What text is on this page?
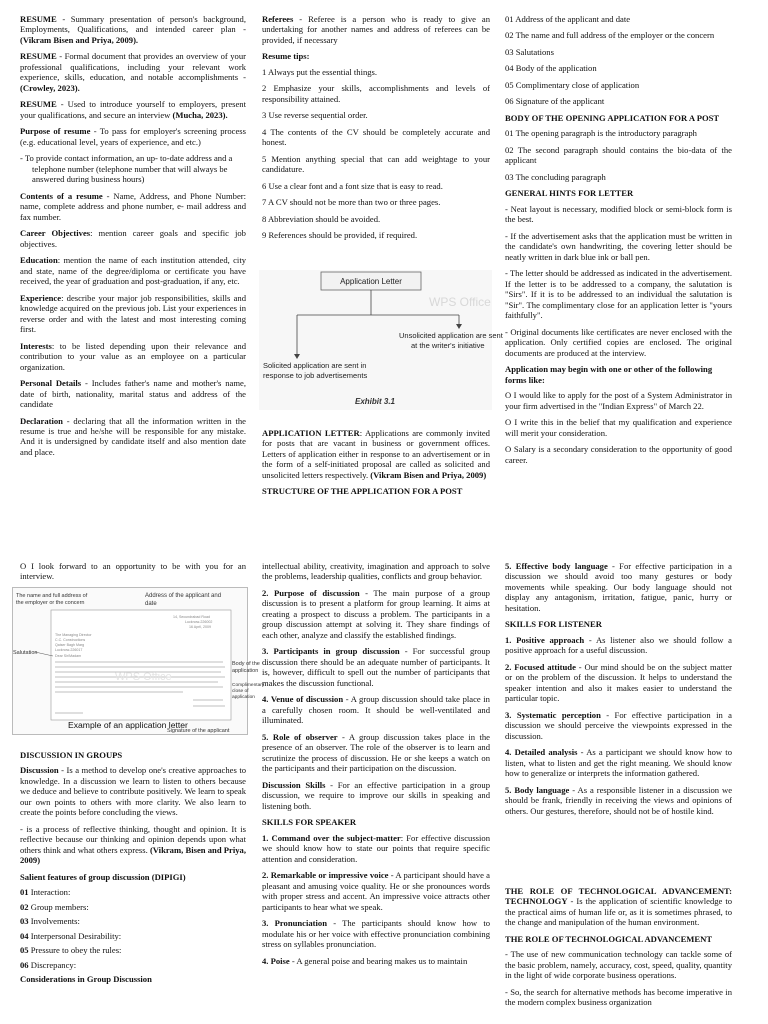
RESUME - Summary presentation of person's background, Employments, Qualifications, and intended career plan - (Vikram Bisen and Priya, 2009).

RESUME - Formal document that provides an overview of your professional qualifications, including your relevant work experience, skills, education, and notable accomplishments - (Crowley, 2023).

RESUME - Used to introduce yourself to employers, present your qualifications, and secure an interview (Mucha, 2023).

Purpose of resume - To pass for employer's screening process (e.g. educational level, years of experience, and etc.)

- To provide contact information, an up- to-date address and a telephone number (telephone number that will always be answered during business hours)

Contents of a resume - Name, Address, and Phone Number: name, complete address and phone number, e- mail address and fax number.

Career Objectives: mention career goals and specific job objectives.

Education: mention the name of each institution attended, city and state, name of the degree/diploma or certificate you have received, the year of graduation and post-graduation, if any, etc.

Experience: describe your major job responsibilities, skills and knowledge acquired on the previous job. List your experiences in reverse order and with the latest and most interesting coming first.

Interests: to be listed depending upon their relevance and contribution to your value as an employee on a particular organization.

Personal Details - Includes father's name and mother's name, date of birth, nationality, marital status and address of the candidate

Declaration - declaring that all the information written in the resume is true and he/she will be responsible for any mistake. And it is undersigned by candidate itself and also mention date and place.

Referees - Referee is a person who is ready to give an undertaking for another names and address of referees can be provided, if necessary

Resume tips:

1 Always put the essential things.

2 Emphasize your skills, accomplishments and levels of responsibility attained.

3 Use reverse sequential order.

4 The contents of the CV should be completely accurate and honest.

5 Mention anything special that can add weightage to your candidature.

6 Use a clear font and a font size that is easy to read.

7 A CV should not be more than two or three pages.

8 Abbreviation should be avoided.

9 References should be provided, if required.

Application Letter
WPS Office
Unsolicited application are sent
at the writer's initiative
Solicited application are sent in
response to job advertisements
Exhibit 3.1

APPLICATION LETTER: Applications are commonly invited for posts that are vacant in business or government offices. Letters of application either in response to an advertisement or in the form of a self-initiated proposal are called as solicited and unsolicited letters respectively. (Vikram Bisen and Priya, 2009)

STRUCTURE OF THE APPLICATION FOR A POST

01 Address of the applicant and date

02 The name and full address of the employer or the concern

03 Salutations

04 Body of the application

05 Complimentary close of application

06 Signature of the applicant

BODY OF THE OPENING APPLICATION FOR A POST

01 The opening paragraph is the introductory paragraph

02 The second paragraph should contains the bio-data of the applicant

03 The concluding paragraph

GENERAL HINTS FOR LETTER

- Neat layout is necessary, modified block or semi-block form is the best.

- If the advertisement asks that the application must be written in the candidate's own handwriting, the covering letter should be neatly written in dark blue ink or ball pen.

- The letter should be addressed as indicated in the advertisement. If the letter is to be addressed to a company, the salutation is "Sirs". If it is to be addressed to an individual the salutation is "Sir". The complimentary close for an application letter is "yours faithfully".

- Original documents like certificates are never enclosed with the application. Only certified copies are enclosed. The original documents are produced at the interview.

Application may begin with one or other of the following forms like:

O I would like to apply for the post of a System Administrator in your firm advertised in the "Indian Express" of March 22.

O I write this in the belief that my qualification and experience will merit your consideration.

O Salary is a secondary consideration to the opportunity of good career.

O I look forward to an opportunity to be with you for an interview.

The name and full address of
the employer or the concern
Address of the applicant and
date
14, Secundrabad Road
Lucknow-226002
16 April, 2009
The Managing Director
C.C. Constructions
Qaiser Bagh Marg
Lucknow-226017
Dear Sir/Madam
WPS Office
Salutation
Body of the
application
Complimentary
close of
application
Signature of the applicant
Example of an application letter
DISCUSSION IN GROUPS

Discussion - Is a method to develop one's creative approaches to knowledge. In a discussion we learn to listen to others because we deduce and believe to contribute positively. We learn to speak our own points to others with more clarity. We also learn to create the points before concluding the views.

- is a process of reflective thinking, thought and opinion. It is reflective because our thinking and opinion depends upon what others think and what others express. (Vikram, Bisen and Priya, 2009)

Salient features of group discussion (DIPIGI)

01 Interaction:

02 Group members:

03 Involvements:

04 Interpersonal Desirability:

05 Pressure to obey the rules:

06 Discrepancy:

Considerations in Group Discussion

intellectual ability, creativity, imagination and approach to solve the problems, leadership qualities, conflicts and group behavior.

2. Purpose of discussion - The main purpose of a group discussion is to present a platform for group learning. It aims at creating a prospect to discuss a problem. The participants in a group discussion attempt at solving it. They share findings of each other, analyze and classify the established findings.

3. Participants in group discussion - For successful group discussion there should be an adequate number of participants. It is, however, difficult to spell out the number of participants that makes the discussion functional.

4. Venue of discussion - A group discussion should take place in a carefully chosen room. It should be well-ventilated and illuminated.

5. Role of observer - A group discussion takes place in the presence of an observer. The role of the observer is to learn and scrutinize the process of discussion. He or she keeps a watch on the participants and their participation on the discussion.

Discussion Skills - For an effective participation in a group discussion, we require to improve our skills in speaking and listening both.

SKILLS FOR SPEAKER

1. Command over the subject-matter: For effective discussion we should know how to state our points that require specific attention and consideration.

2. Remarkable or impressive voice - A participant should have a pleasant and amusing voice quality. He or she pronounces words with proper stress and accent. An impressive voice attracts other participants to hear what we speak.

3. Pronunciation - The participants should know how to modulate his or her voice with effective pronunciation combining stress on syllables pronunciation.

4. Poise - A general poise and bearing makes us to maintain

5. Effective body language - For effective participation in a discussion we should avoid too many gestures or body movements while speaking. Our body language should not display any antagonism, irritation, fatigue, panic, hurry or hesitation.

SKILLS FOR LISTENER

1. Positive approach - As listener also we should follow a positive approach for a useful discussion.

2. Focused attitude - Our mind should be on the subject matter or on the problem of the discussion. It helps to understand the speaker intention and also it makes easier to understand the particular topic.

3. Systematic perception - For effective participation in a discussion we should perceive the viewpoints expressed in the discussion.

4. Detailed analysis - As a participant we should know how to listen, what to listen and get the right meaning. We should know how to generalize or interprets the information gathered.

5. Body language - As a responsible listener in a discussion we should be frank, friendly in receiving the views and opinions of others. Our gestures, therefore, should not be of hostile kind.

THE ROLE OF TECHNOLOGICAL ADVANCEMENT: TECHNOLOGY - Is the application of scientific knowledge to the practical aims of human life or, as it is sometimes phrased, to the change and manipulation of the human environment.

THE ROLE OF TECHNOLOGICAL ADVANCEMENT

- The use of new communication technology can tackle some of the basic problem, namely, accuracy, cost, speed, quality, quantity in the light of wide corporate business operations.

- So, the search for alternative methods has become imperative in the modern complex business organization
